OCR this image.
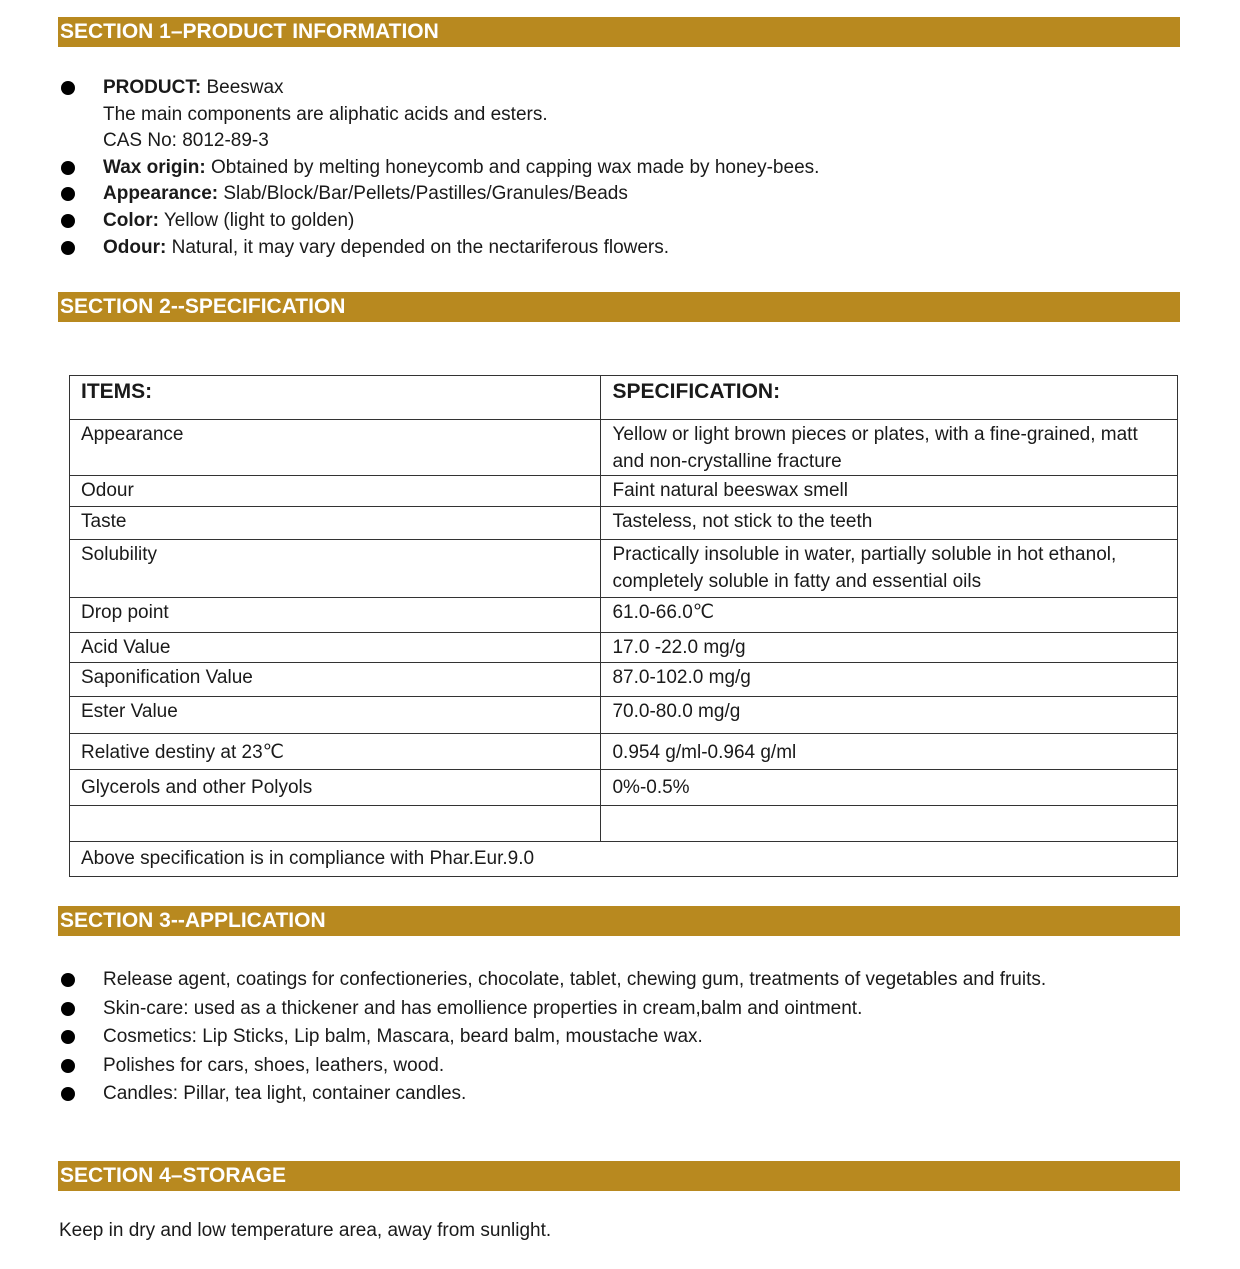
SECTION 1–PRODUCT INFORMATION
PRODUCT: Beeswax
The main components are aliphatic acids and esters.
CAS No: 8012-89-3
Wax origin: Obtained by melting honeycomb and capping wax made by honey-bees.
Appearance: Slab/Block/Bar/Pellets/Pastilles/Granules/Beads
Color: Yellow (light to golden)
Odour: Natural, it may vary depended on the nectariferous flowers.
SECTION 2--SPECIFICATION
ITEMS:	SPECIFICATION:
Appearance	Yellow or light brown pieces or plates, with a fine-grained, matt and non-crystalline fracture
Odour	Faint natural beeswax smell
Taste	Tasteless, not stick to the teeth
Solubility	Practically insoluble in water, partially soluble in hot ethanol, completely soluble in fatty and essential oils
Drop point	61.0-66.0℃
Acid Value	17.0 -22.0 mg/g
Saponification Value	87.0-102.0 mg/g
Ester Value	70.0-80.0 mg/g
Relative destiny at 23℃	0.954 g/ml-0.964 g/ml
Glycerols and other Polyols	0%-0.5%

Above specification is in compliance with Phar.Eur.9.0	
SECTION 3--APPLICATION
Release agent, coatings for confectioneries, chocolate, tablet, chewing gum, treatments of vegetables and fruits.
Skin-care: used as a thickener and has emollience properties in cream,balm and ointment.
Cosmetics: Lip Sticks, Lip balm, Mascara, beard balm, moustache wax.
Polishes for cars, shoes, leathers, wood.
Candles: Pillar, tea light, container candles.
SECTION 4–STORAGE
Keep in dry and low temperature area, away from sunlight.
